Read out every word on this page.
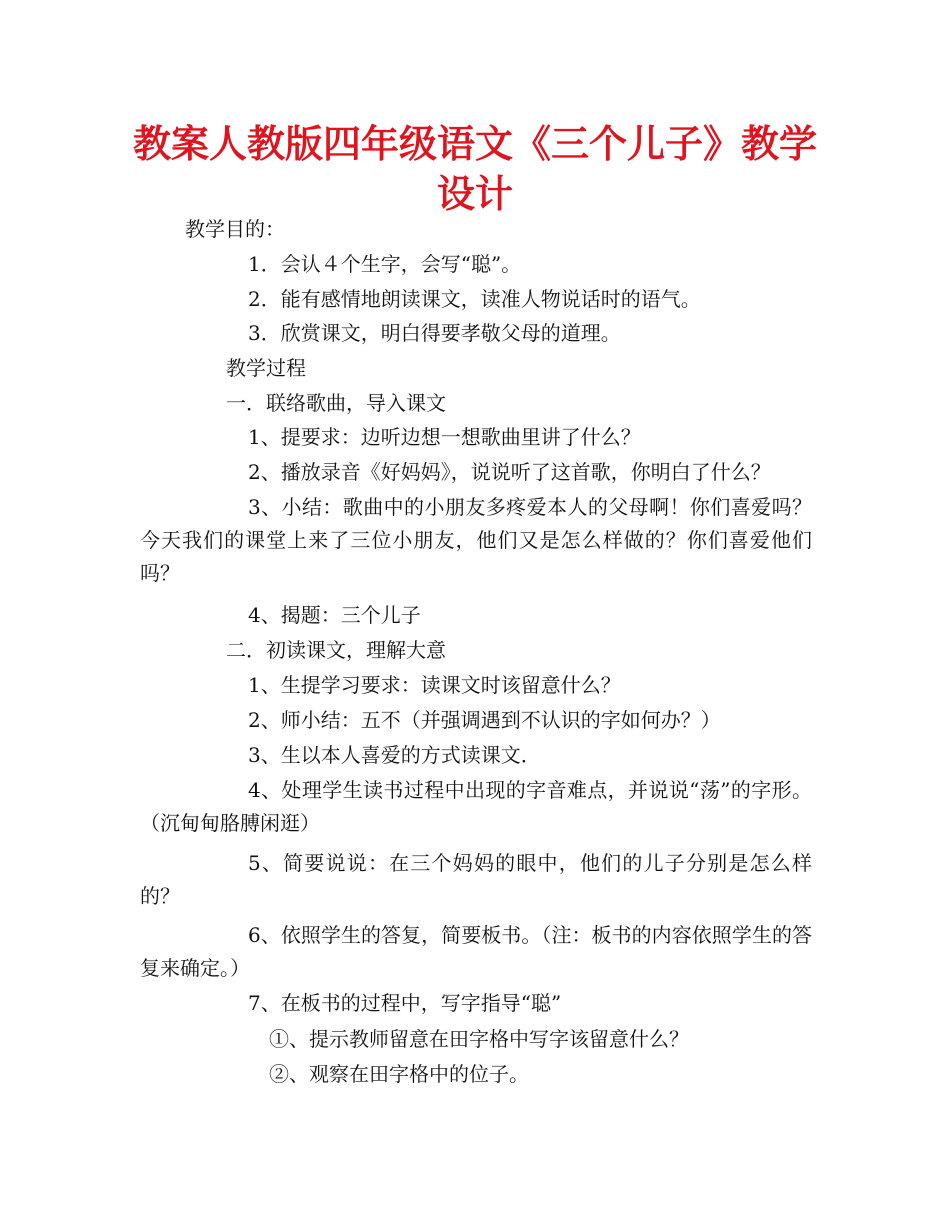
教案人教版四年级语文《三个儿子》教学
设计

教学目的：

1．会认４个生字，会写“聪”。

2．能有感情地朗读课文，读准人物说话时的语气。

3．欣赏课文，明白得要孝敬父母的道理。

教学过程

一．联络歌曲，导入课文

1、提要求：边听边想一想歌曲里讲了什么？

2、播放录音《好妈妈》，说说听了这首歌，你明白了什么？

3、小结：歌曲中的小朋友多疼爱本人的父母啊！你们喜爱吗？今天我们的课堂上来了三位小朋友，他们又是怎么样做的？你们喜爱他们吗？

4、揭题：三个儿子

二．初读课文，理解大意

1、生提学习要求：读课文时该留意什么？

2、师小结：五不（并强调遇到不认识的字如何办？）

3、生以本人喜爱的方式读课文．

4、处理学生读书过程中出现的字音难点，并说说“荡”的字形。（沉甸甸胳膊闲逛）

5、简要说说：在三个妈妈的眼中，他们的儿子分别是怎么样的？

6、依照学生的答复，简要板书。（注：板书的内容依照学生的答复来确定。）

7、在板书的过程中，写字指导“聪”

①、提示教师留意在田字格中写字该留意什么？

②、观察在田字格中的位子。
